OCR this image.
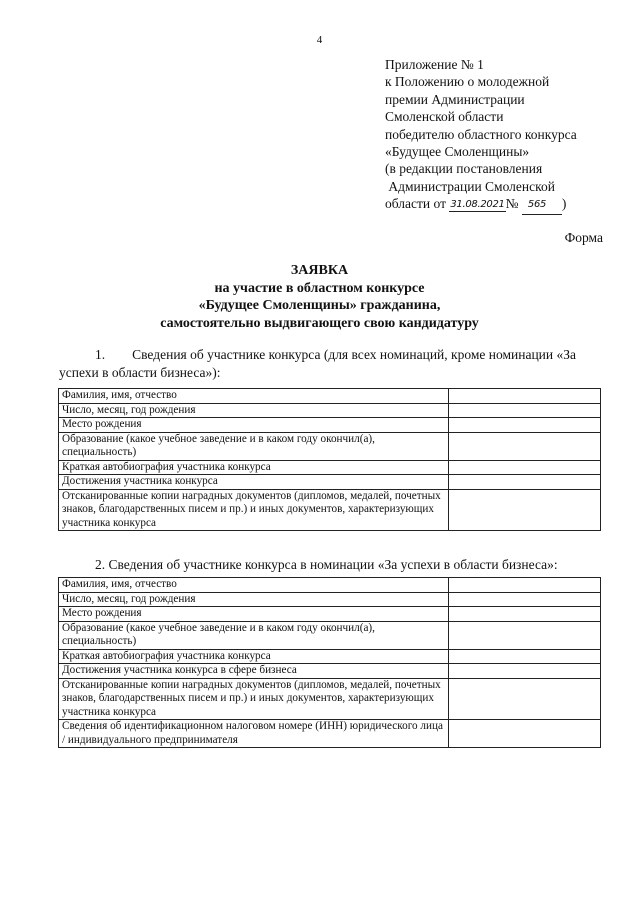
4
Приложение № 1
к Положению о молодежной
премии Администрации
Смоленской области
победителю областного конкурса
«Будущее Смоленщины»
(в редакции постановления
Администрации Смоленской
области от 31.08.2021№ 565 )
Форма
ЗАЯВКА
на участие в областном конкурсе
«Будущее Смоленщины» гражданина,
самостоятельно выдвигающего свою кандидатуру
1.  Сведения об участнике конкурса (для всех номинаций, кроме номинации «За успехи в области бизнеса»):
Фамилия, имя, отчество	
Число, месяц, год рождения	
Место рождения	
Образование (какое учебное заведение и в каком году окончил(а), специальность)	
Краткая автобиография участника конкурса	
Достижения участника конкурса	
Отсканированные копии наградных документов (дипломов, медалей, почетных знаков, благодарственных писем и пр.) и иных документов, характеризующих участника конкурса	
2. Сведения об участнике конкурса в номинации «За успехи в области бизнеса»:
Фамилия, имя, отчество	
Число, месяц, год рождения	
Место рождения	
Образование (какое учебное заведение и в каком году окончил(а), специальность)	
Краткая автобиография участника конкурса	
Достижения участника конкурса в сфере бизнеса	
Отсканированные копии наградных документов (дипломов, медалей, почетных знаков, благодарственных писем и пр.) и иных документов, характеризующих участника конкурса	
Сведения об идентификационном налоговом номере (ИНН) юридического лица / индивидуального предпринимателя	
